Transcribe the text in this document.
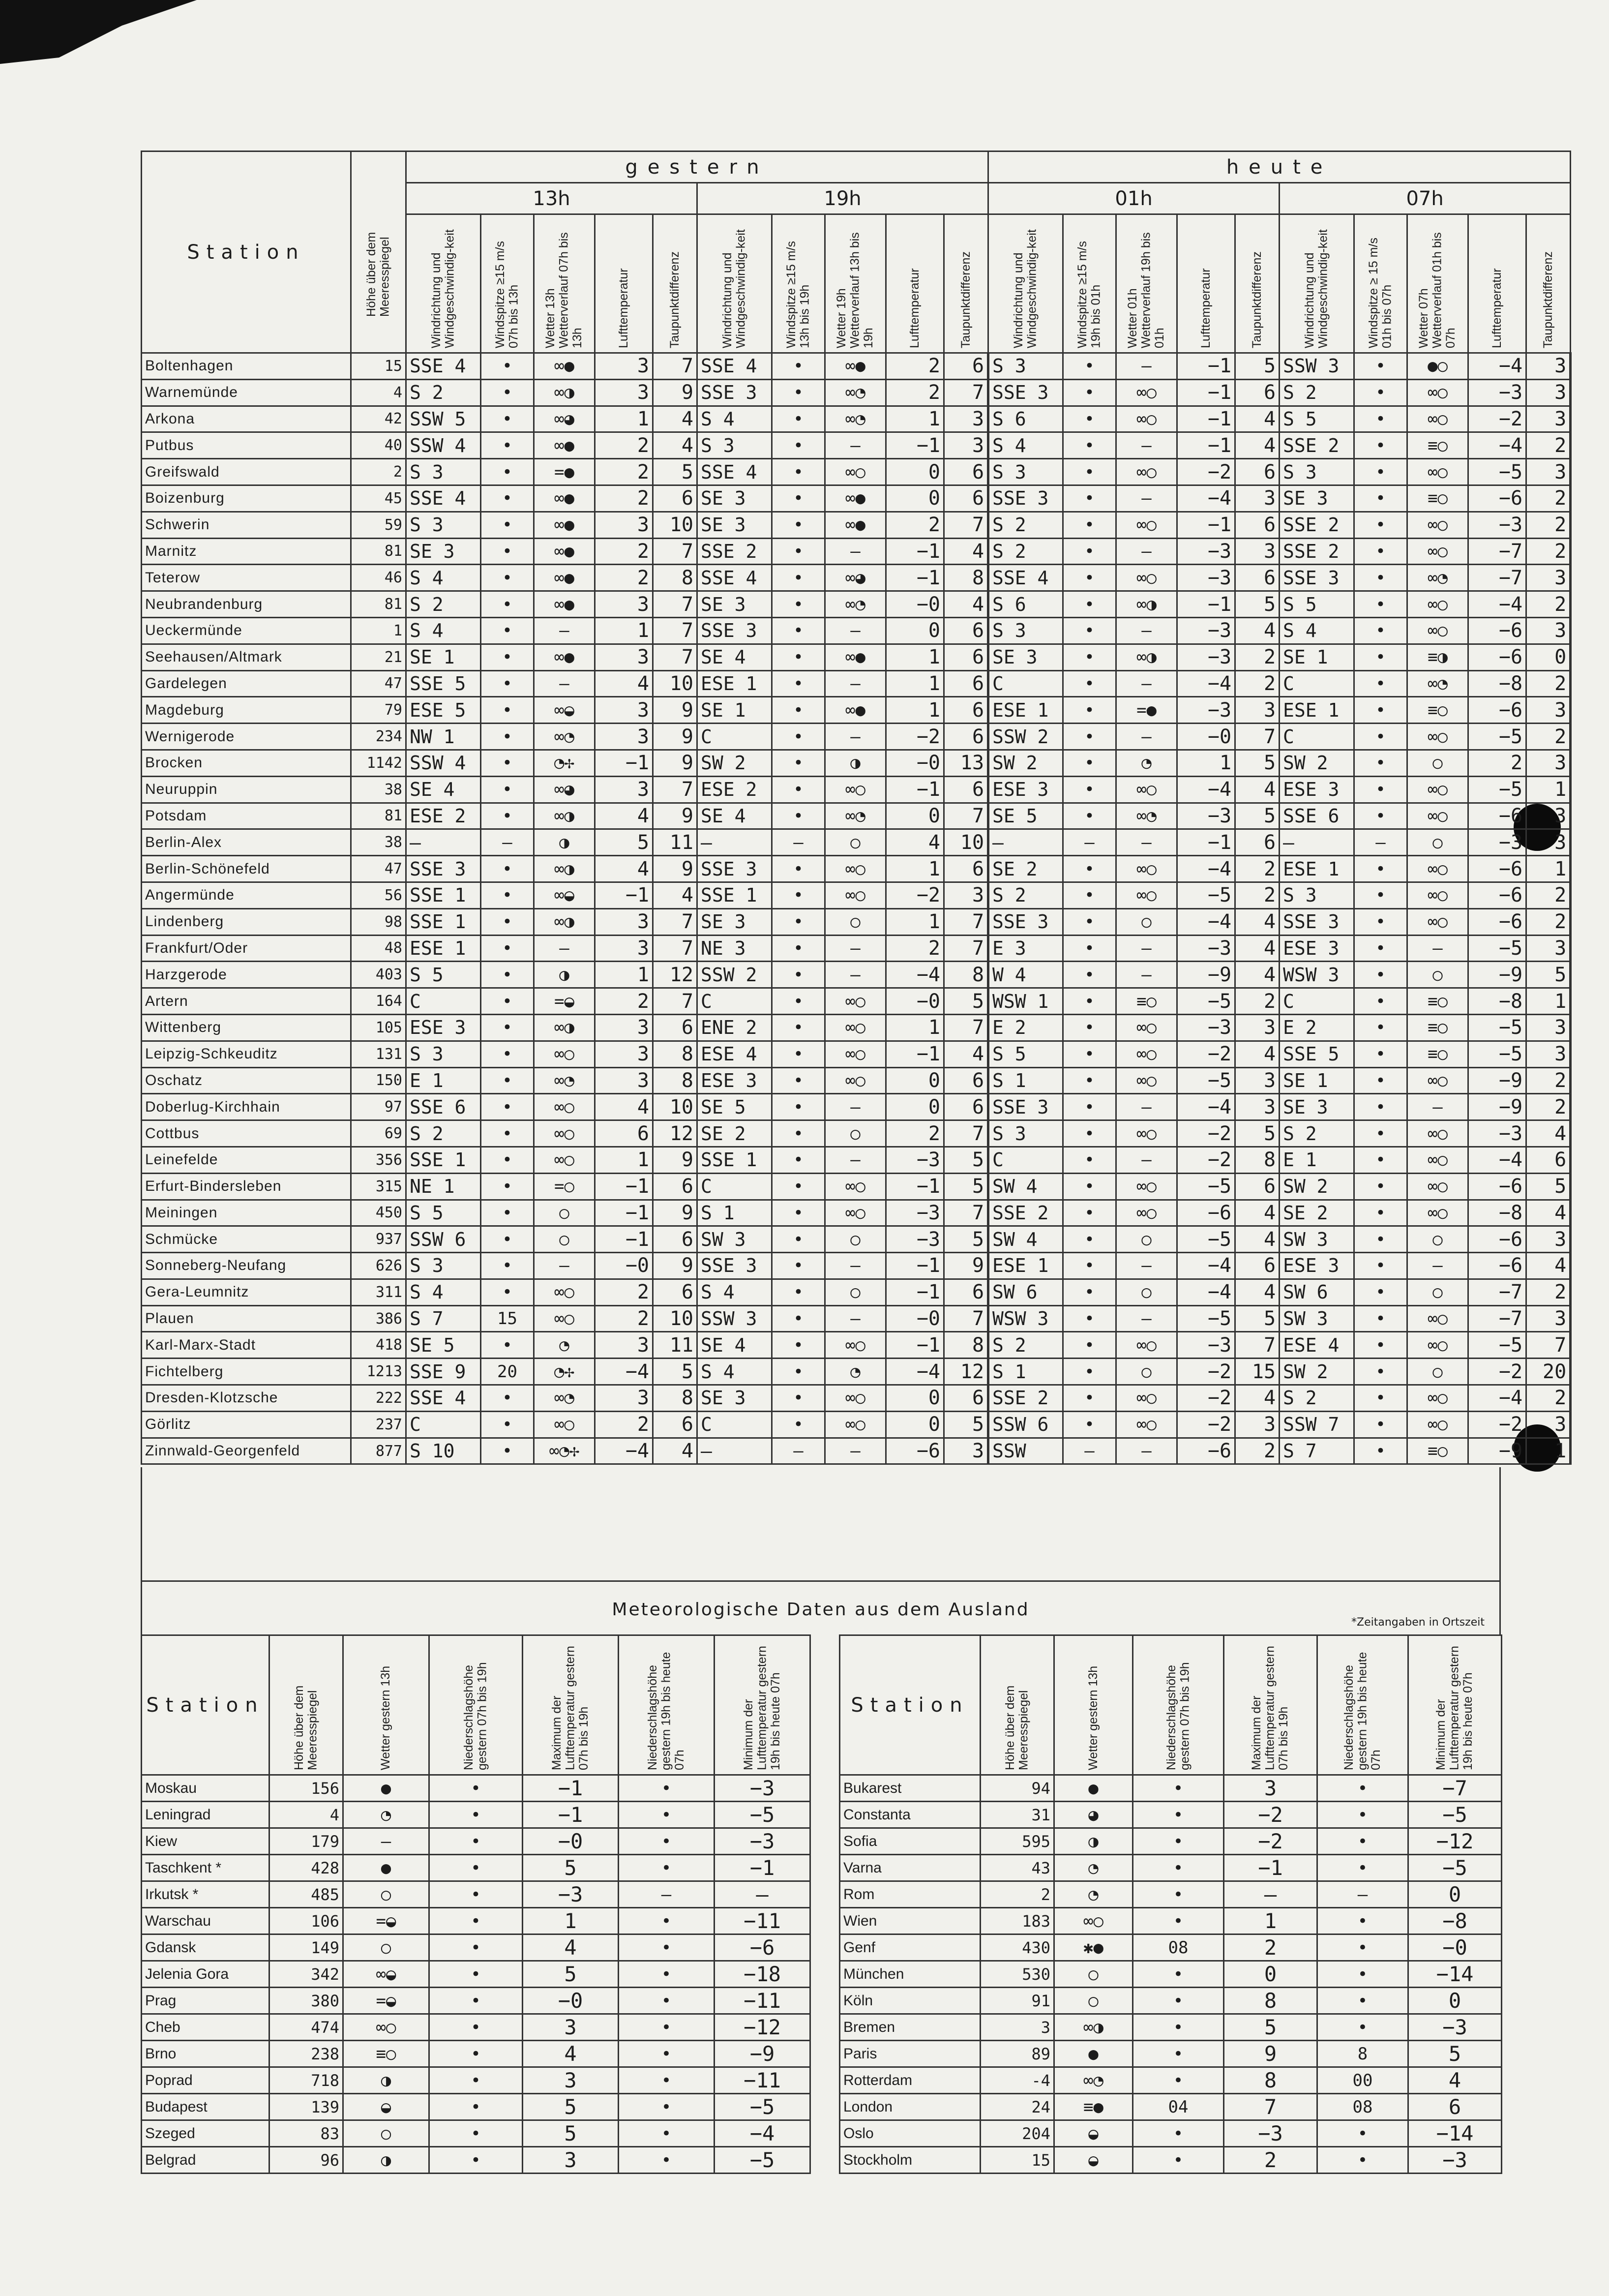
Station	Höhe über dem Meeresspiegel	gestern										heute									
		13h					19h					01h					07h				

		Windrichtung und Windgeschwindig-keit	Windspitze ≥15 m/s 07h bis 13h	Wetter 13h Wetterverlauf 07h bis 13h	Lufttemperatur	Taupunktdifferenz	Windrichtung und Windgeschwindig-keit	Windspitze ≥15 m/s 13h bis 19h	Wetter 19h Wetterverlauf 13h bis 19h	Lufttemperatur	Taupunktdifferenz	Windrichtung und Windgeschwindig-keit	Windspitze ≥15 m/s 19h bis 01h	Wetter 01h Wetterverlauf 19h bis 01h	Lufttemperatur	Taupunktdifferenz	Windrichtung und Windgeschwindig-keit	Windspitze ≥ 15 m/s 01h bis 07h	Wetter 07h Wetterverlauf 01h bis 07h	Lufttemperatur	Taupunktdifferenz

Boltenhagen	15	SSE 4	•	∞●	3	7	SSE 4	•	∞●	2	6	S 3	•	—	−1	5	SSW 3	•	●○	−4	3
Warnemünde	4	S 2	•	∞◑	3	9	SSE 3	•	∞◔	2	7	SSE 3	•	∞○	−1	6	S 2	•	∞○	−3	3
Arkona	42	SSW 5	•	∞◕	1	4	S 4	•	∞◔	1	3	S 6	•	∞○	−1	4	S 5	•	∞○	−2	3
Putbus	40	SSW 4	•	∞●	2	4	S 3	•	—	−1	3	S 4	•	—	−1	4	SSE 2	•	≡○	−4	2
Greifswald	2	S 3	•	=●	2	5	SSE 4	•	∞○	0	6	S 3	•	∞○	−2	6	S 3	•	∞○	−5	3
Boizenburg	45	SSE 4	•	∞●	2	6	SE 3	•	∞●	0	6	SSE 3	•	—	−4	3	SE 3	•	≡○	−6	2
Schwerin	59	S 3	•	∞●	3	10	SE 3	•	∞●	2	7	S 2	•	∞○	−1	6	SSE 2	•	∞○	−3	2
Marnitz	81	SE 3	•	∞●	2	7	SSE 2	•	—	−1	4	S 2	•	—	−3	3	SSE 2	•	∞○	−7	2
Teterow	46	S 4	•	∞●	2	8	SSE 4	•	∞◕	−1	8	SSE 4	•	∞○	−3	6	SSE 3	•	∞◔	−7	3
Neubrandenburg	81	S 2	•	∞●	3	7	SE 3	•	∞◔	−0	4	S 6	•	∞◑	−1	5	S 5	•	∞○	−4	2
Ueckermünde	1	S 4	•	—	1	7	SSE 3	•	—	0	6	S 3	•	—	−3	4	S 4	•	∞○	−6	3
Seehausen/Altmark	21	SE 1	•	∞●	3	7	SE 4	•	∞●	1	6	SE 3	•	∞◑	−3	2	SE 1	•	≡◑	−6	0
Gardelegen	47	SSE 5	•	—	4	10	ESE 1	•	—	1	6	C	•	—	−4	2	C	•	∞◔	−8	2
Magdeburg	79	ESE 5	•	∞◒	3	9	SE 1	•	∞●	1	6	ESE 1	•	=●	−3	3	ESE 1	•	≡○	−6	3
Wernigerode	234	NW 1	•	∞◔	3	9	C	•	—	−2	6	SSW 2	•	—	−0	7	C	•	∞○	−5	2
Brocken	1142	SSW 4	•	◔✢	−1	9	SW 2	•	◑	−0	13	SW 2	•	◔	1	5	SW 2	•	○	2	3
Neuruppin	38	SE 4	•	∞◕	3	7	ESE 2	•	∞○	−1	6	ESE 3	•	∞○	−4	4	ESE 3	•	∞○	−5	1
Potsdam	81	ESE 2	•	∞◑	4	9	SE 4	•	∞◔	0	7	SE 5	•	∞◔	−3	5	SSE 6	•	∞○	−6	3
Berlin-Alex	38	—	—	◑	5	11	—	—	○	4	10	—	—	—	−1	6	—	—	○	−3	3
Berlin-Schönefeld	47	SSE 3	•	∞◑	4	9	SSE 3	•	∞○	1	6	SE 2	•	∞○	−4	2	ESE 1	•	∞○	−6	1
Angermünde	56	SSE 1	•	∞◒	−1	4	SSE 1	•	∞○	−2	3	S 2	•	∞○	−5	2	S 3	•	∞○	−6	2
Lindenberg	98	SSE 1	•	∞◑	3	7	SE 3	•	○	1	7	SSE 3	•	○	−4	4	SSE 3	•	∞○	−6	2
Frankfurt/Oder	48	ESE 1	•	—	3	7	NE 3	•	—	2	7	E 3	•	—	−3	4	ESE 3	•	—	−5	3
Harzgerode	403	S 5	•	◑	1	12	SSW 2	•	—	−4	8	W 4	•	—	−9	4	WSW 3	•	○	−9	5
Artern	164	C	•	=◒	2	7	C	•	∞○	−0	5	WSW 1	•	≡○	−5	2	C	•	≡○	−8	1
Wittenberg	105	ESE 3	•	∞◑	3	6	ENE 2	•	∞○	1	7	E 2	•	∞○	−3	3	E 2	•	≡○	−5	3
Leipzig-Schkeuditz	131	S 3	•	∞○	3	8	ESE 4	•	∞○	−1	4	S 5	•	∞○	−2	4	SSE 5	•	≡○	−5	3
Oschatz	150	E 1	•	∞◔	3	8	ESE 3	•	∞○	0	6	S 1	•	∞○	−5	3	SE 1	•	∞○	−9	2
Doberlug-Kirchhain	97	SSE 6	•	∞○	4	10	SE 5	•	—	0	6	SSE 3	•	—	−4	3	SE 3	•	—	−9	2
Cottbus	69	S 2	•	∞○	6	12	SE 2	•	○	2	7	S 3	•	∞○	−2	5	S 2	•	∞○	−3	4
Leinefelde	356	SSE 1	•	∞○	1	9	SSE 1	•	—	−3	5	C	•	—	−2	8	E 1	•	∞○	−4	6
Erfurt-Bindersleben	315	NE 1	•	=○	−1	6	C	•	∞○	−1	5	SW 4	•	∞○	−5	6	SW 2	•	∞○	−6	5
Meiningen	450	S 5	•	○	−1	9	S 1	•	∞○	−3	7	SSE 2	•	∞○	−6	4	SE 2	•	∞○	−8	4
Schmücke	937	SSW 6	•	○	−1	6	SW 3	•	○	−3	5	SW 4	•	○	−5	4	SW 3	•	○	−6	3
Sonneberg-Neufang	626	S 3	•	—	−0	9	SSE 3	•	—	−1	9	ESE 1	•	—	−4	6	ESE 3	•	—	−6	4
Gera-Leumnitz	311	S 4	•	∞○	2	6	S 4	•	○	−1	6	SW 6	•	○	−4	4	SW 6	•	○	−7	2
Plauen	386	S 7	15	∞○	2	10	SSW 3	•	—	−0	7	WSW 3	•	—	−5	5	SW 3	•	∞○	−7	3
Karl-Marx-Stadt	418	SE 5	•	◔	3	11	SE 4	•	∞○	−1	8	S 2	•	∞○	−3	7	ESE 4	•	∞○	−5	7
Fichtelberg	1213	SSE 9	20	◔✢	−4	5	S 4	•	◔	−4	12	S 1	•	○	−2	15	SW 2	•	○	−2	20
Dresden-Klotzsche	222	SSE 4	•	∞◔	3	8	SE 3	•	∞○	0	6	SSE 2	•	∞○	−2	4	S 2	•	∞○	−4	2
Görlitz	237	C	•	∞○	2	6	C	•	∞○	0	5	SSW 6	•	∞○	−2	3	SSW 7	•	∞○	−2	3
Zinnwald-Georgenfeld	877	S 10	•	∞◔✢	−4	4	—	—	—	−6	3	SSW	—	—	−6	2	S 7	•	≡○	−9	1
Meteorologische Daten aus dem Ausland
*Zeitangaben in Ortszeit
Station	Höhe über dem Meeresspiegel	Wetter gestern 13h	Niederschlagshöhe gestern 07h bis 19h	Maximum der Lufttemperatur gestern 07h bis 19h	Niederschlagshöhe gestern 19h bis heute 07h	Minimum der Lufttemperatur gestern 19h bis heute 07h

Moskau	156	●	•	−1	•	−3
Leningrad	4	◔	•	−1	•	−5
Kiew	179	—	•	−0	•	−3
Taschkent *	428	●	•	5	•	−1
Irkutsk *	485	○	•	−3	—	—
Warschau	106	=◒	•	1	•	−11
Gdansk	149	○	•	4	•	−6
Jelenia Gora	342	∞◒	•	5	•	−18
Prag	380	=◒	•	−0	•	−11
Cheb	474	∞○	•	3	•	−12
Brno	238	≡○	•	4	•	−9
Poprad	718	◑	•	3	•	−11
Budapest	139	◒	•	5	•	−5
Szeged	83	○	•	5	•	−4
Belgrad	96	◑	•	3	•	−5
Station	Höhe über dem Meeresspiegel	Wetter gestern 13h	Niederschlagshöhe gestern 07h bis 19h	Maximum der Lufttemperatur gestern 07h bis 19h	Niederschlagshöhe gestern 19h bis heute 07h	Minimum der Lufttemperatur gestern 19h bis heute 07h

Bukarest	94	●	•	3	•	−7
Constanta	31	◕	•	−2	•	−5
Sofia	595	◑	•	−2	•	−12
Varna	43	◔	•	−1	•	−5
Rom	2	◔	•	—	—	0
Wien	183	∞○	•	1	•	−8
Genf	430	✱●	08	2	•	−0
München	530	○	•	0	•	−14
Köln	91	○	•	8	•	0
Bremen	3	∞◑	•	5	•	−3
Paris	89	●	•	9	8	5
Rotterdam	-4	∞◔	•	8	00	4
London	24	≡●	04	7	08	6
Oslo	204	◒	•	−3	•	−14
Stockholm	15	◒	•	2	•	−3
